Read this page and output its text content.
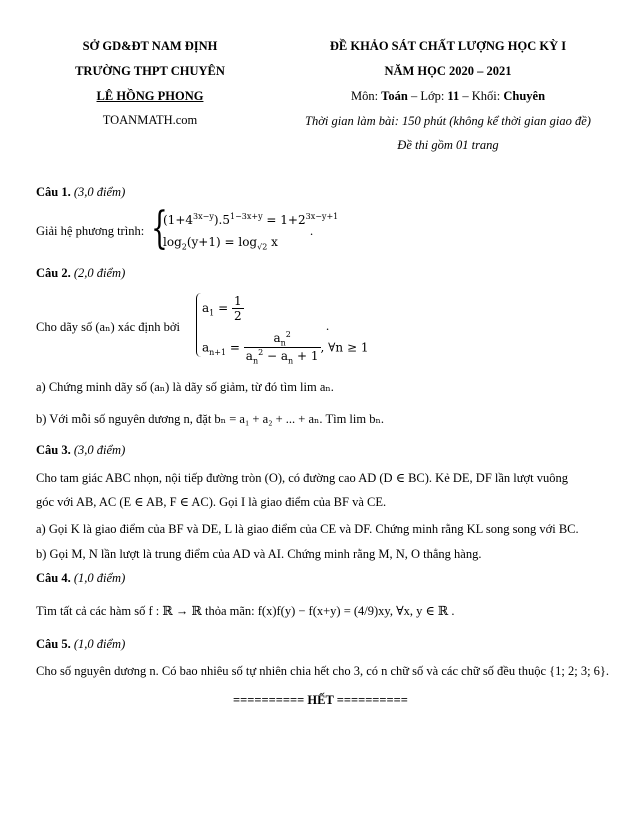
SỞ GD&ĐT NAM ĐỊNH
TRƯỜNG THPT CHUYÊN
LÊ HỒNG PHONG
TOANMATH.com
ĐỀ KHẢO SÁT CHẤT LƯỢNG HỌC KỲ I
NĂM HỌC 2020 – 2021
Môn: Toán – Lớp: 11 – Khối: Chuyên
Thời gian làm bài: 150 phút (không kể thời gian giao đề)
Đề thi gồm 01 trang
Câu 1. (3,0 điểm)
Giải hệ phương trình: {
$(1+4^{3x-y}).5^{1-3x+y} = 1+2^{3x-y+1}$
$\log_2(y+1) = \log_{√2} x$
.
Câu 2. (2,0 điểm)
Cho dãy số (aₙ) xác định bởi
$a_1 = \frac{1}{2}$
$a_{n+1} = \frac{a_n^2}{a_n^2 - a_n + 1}$ , ∀n ≥ 1
.
a) Chứng minh dãy số (aₙ) là dãy số giảm, từ đó tìm lim aₙ.
b) Với mỗi số nguyên dương n, đặt bₙ = a₁ + a₂ + ... + aₙ. Tìm lim bₙ.
Câu 3. (3,0 điểm)
Cho tam giác ABC nhọn, nội tiếp đường tròn (O), có đường cao AD (D ∈ BC). Kẻ DE, DF lần lượt vuông
góc với AB, AC (E ∈ AB, F ∈ AC). Gọi I là giao điểm của BF và CE.
a) Gọi K là giao điểm của BF và DE, L là giao điểm của CE và DF. Chứng minh rằng KL song song với BC.
b) Gọi M, N lần lượt là trung điểm của AD và AI. Chứng minh rằng M, N, O thẳng hàng.
Câu 4. (1,0 điểm)
Tìm tất cả các hàm số f : ℝ → ℝ thỏa mãn: f(x)f(y) − f(x+y) = (4/9)xy, ∀x, y ∈ ℝ .
Câu 5. (1,0 điểm)
Cho số nguyên dương n. Có bao nhiêu số tự nhiên chia hết cho 3, có n chữ số và các chữ số đều thuộc {1; 2; 3; 6}.
========== HẾT ==========
